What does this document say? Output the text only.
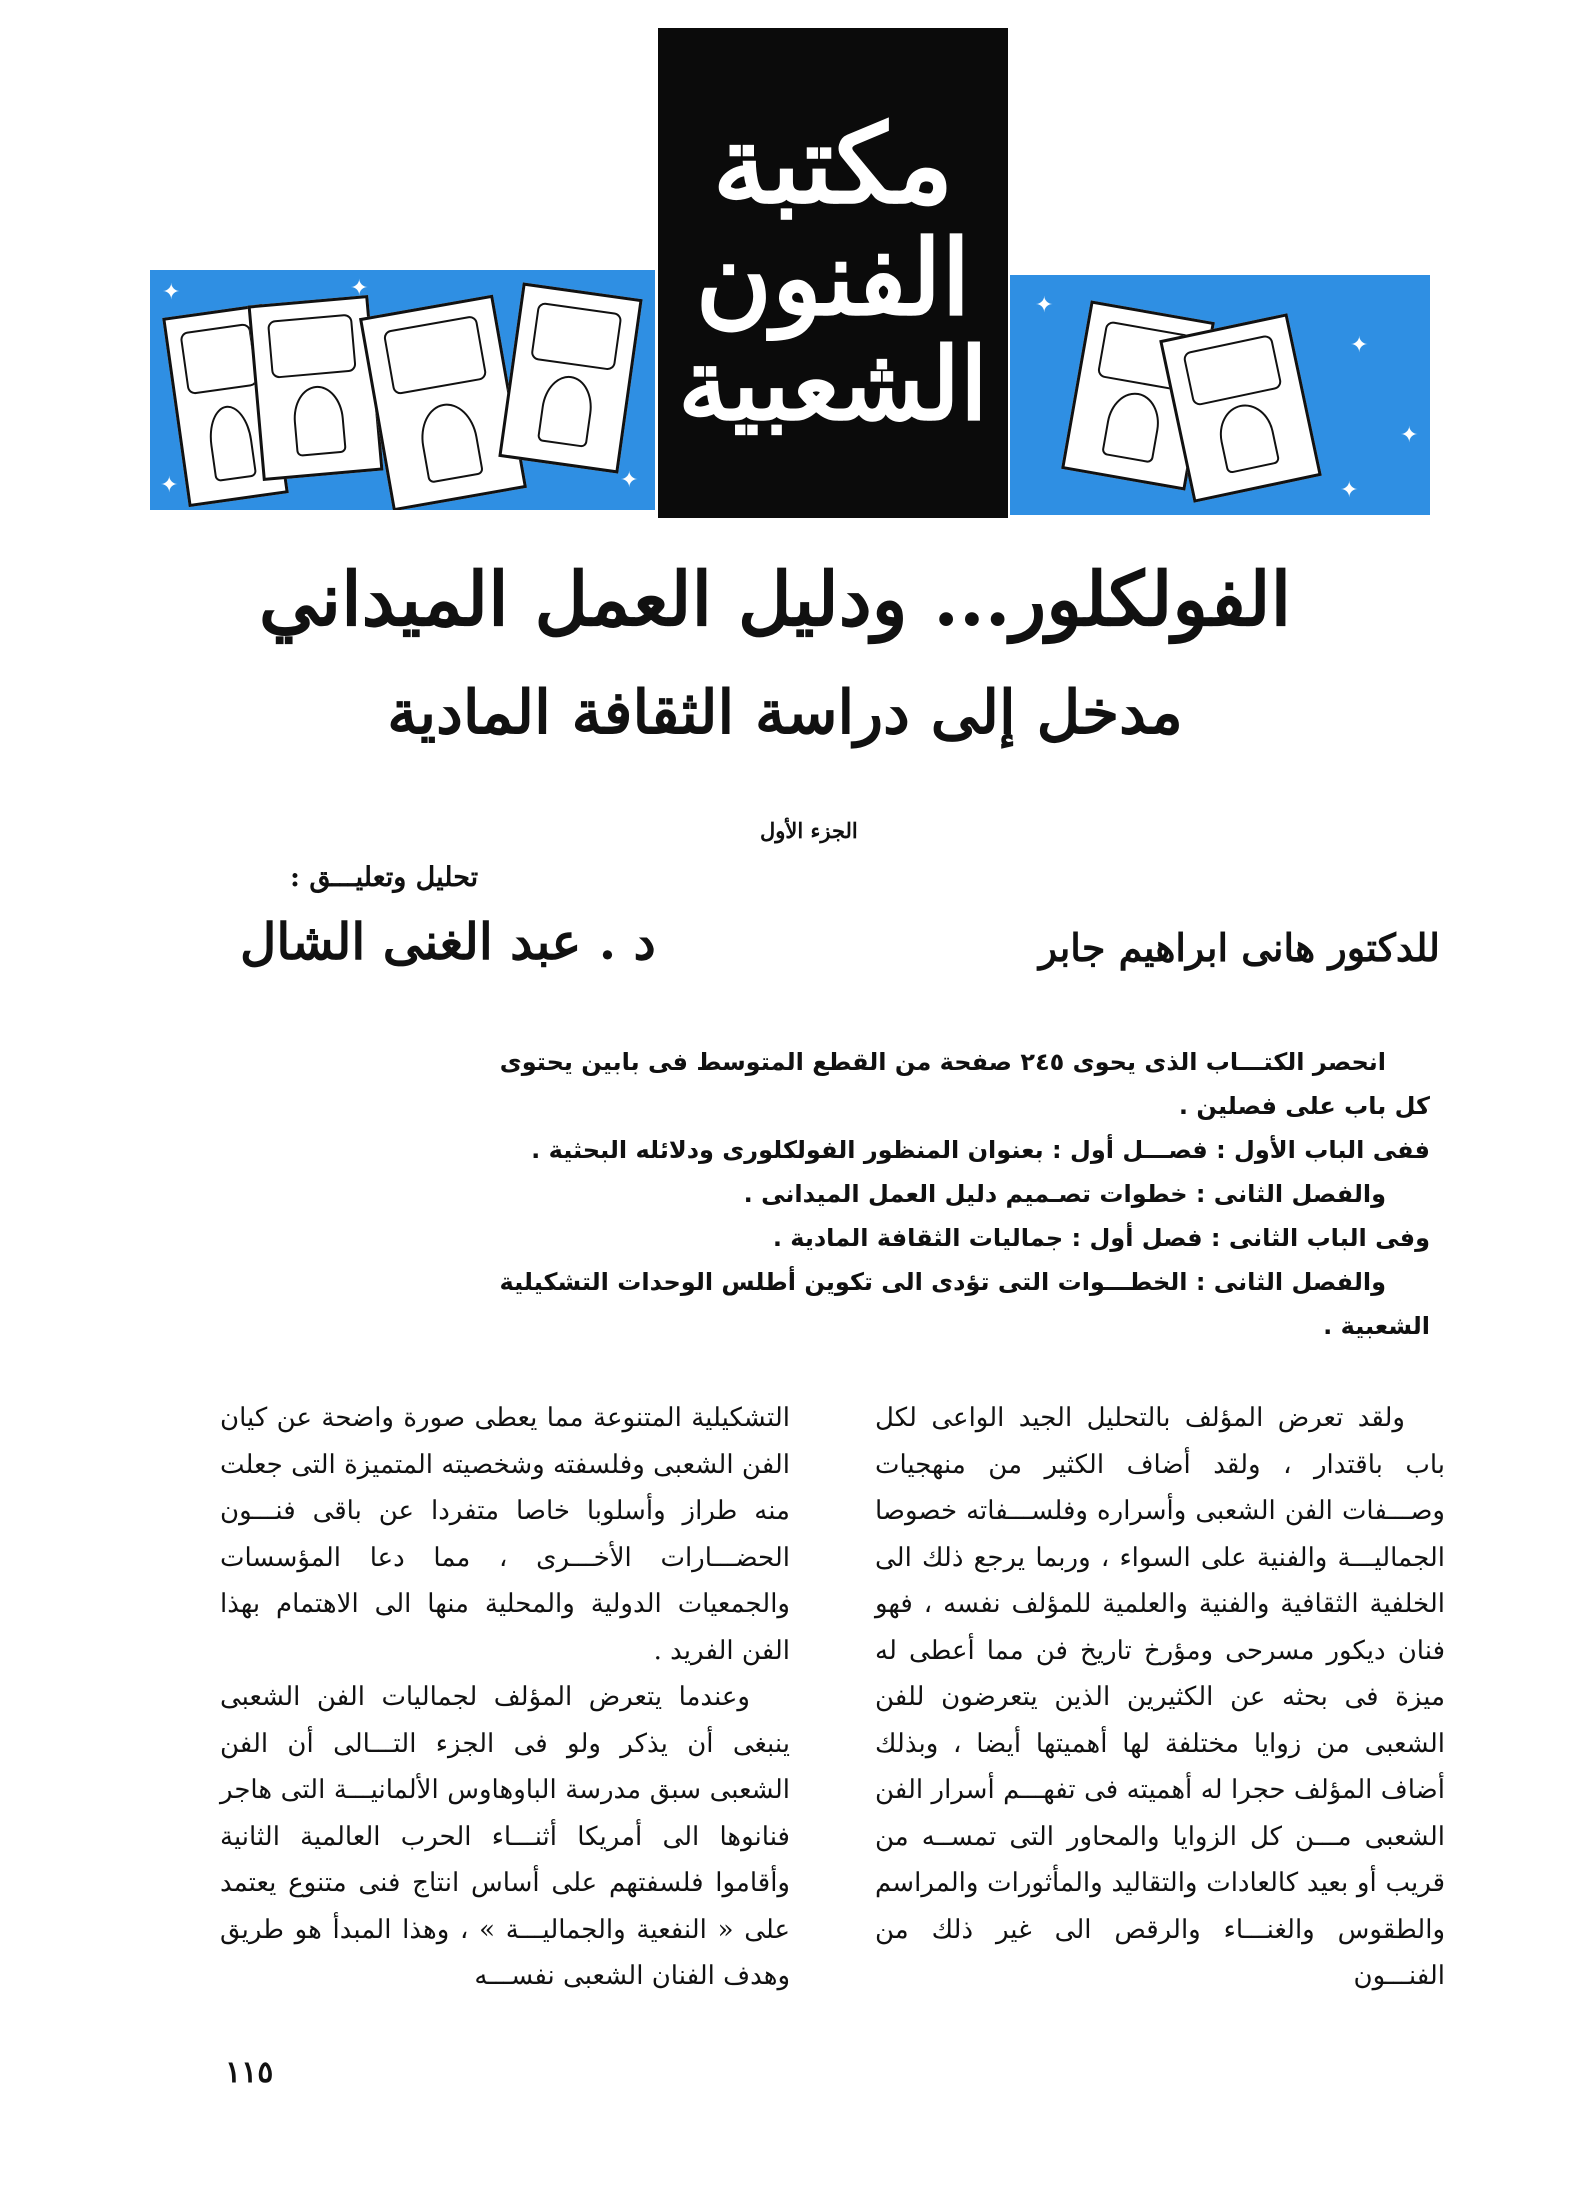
✦	✦
✦
✦
✦
✦
✦
✦
مكتبة
الفنون
الشعبية
الفولكلور... ودليل العمل الميداني
مدخل إلى دراسة الثقافة المادية
الجزء الأول
تحليل وتعليـــق :
د . عبد الغنى الشال	للدكتور هانى ابراهيم جابر

انحصر الكتـــاب الذى يحوى ٢٤٥ صفحة من القطع المتوسط فى بابين يحتوى

كل باب على فصلين .

ففى الباب الأول : فصـــل أول : بعنوان المنظور الفولكلورى ودلائله البحثية .

والفصل الثانى : خطوات تصـميم دليل العمل الميدانى .

وفى الباب الثانى : فصل أول : جماليات الثقافة المادية .

والفصل الثانى : الخطـــوات التى تؤدى الى تكوين أطلس الوحدات التشكيلية

الشعبية .

ولقد تعرض المؤلف بالتحليل الجيد الواعى لكل باب باقتدار ، ولقد أضاف الكثير من منهجيات وصـــفات الفن الشعبى وأسراره وفلســـفاته خصوصا الجماليـــة والفنية على السواء ، وربما يرجع ذلك الى الخلفية الثقافية والفنية والعلمية للمؤلف نفسه ، فهو فنان ديكور مسرحى ومؤرخ تاريخ فن مما أعطى له ميزة فى بحثه عن الكثيرين الذين يتعرضون للفن الشعبى من زوايا مختلفة لها أهميتها أيضا ، وبذلك أضاف المؤلف حجرا له أهميته فى تفهـــم أسرار الفن الشعبى مـــن كل الزوايا والمحاور التى تمســه من قريب أو بعيد كالعادات والتقاليد والمأثورات والمراسم والطقوس والغنـــاء والرقص الى غير ذلك من الفنـــون

التشكيلية المتنوعة مما يعطى صورة واضحة عن كيان الفن الشعبى وفلسفته وشخصيته المتميزة التى جعلت منه طراز وأسلوبا خاصا متفردا عن باقى فنـــون الحضـــارات الأخـــرى ، مما دعا المؤسسات والجمعيات الدولية والمحلية منها الى الاهتمام بهذا الفن الفريد .

وعندما يتعرض المؤلف لجماليات الفن الشعبى ينبغى أن يذكر ولو فى الجزء التـــالى أن الفن الشعبى سبق مدرسة الباوهاوس الألمانيـــة التى هاجر فنانوها الى أمريكا أثنـــاء الحرب العالمية الثانية وأقاموا فلسفتهم على أساس انتاج فنى متنوع يعتمد على « النفعية والجماليـــة » ، وهذا المبدأ هو طريق وهدف الفنان الشعبى نفســـه

١١٥
